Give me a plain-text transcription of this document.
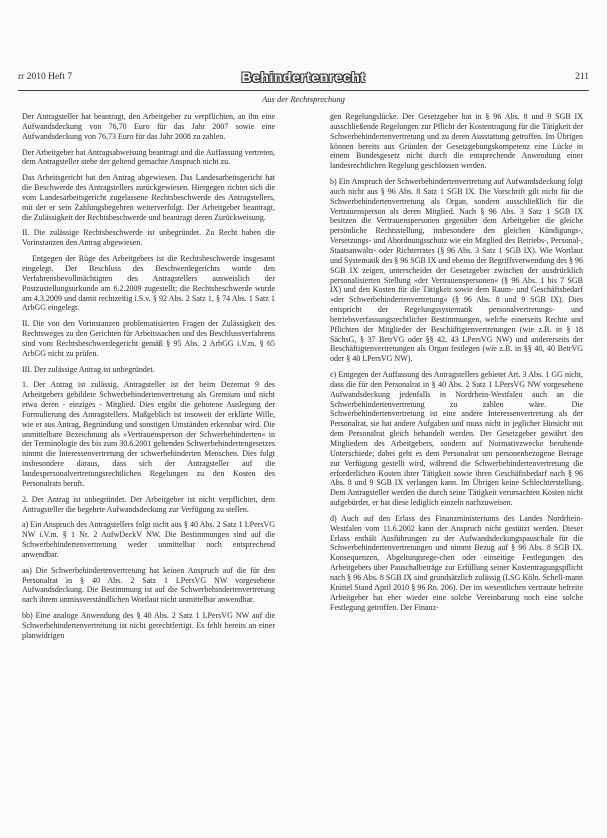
rr 2010 Heft 7	Behindertenrecht	211
Aus der Rechtsprechung

Der Antragsteller hat beantragt, den Arbeitgeber zu verpflichten, an ihn eine Aufwandsdeckung von 76,70 Euro für das Jahr 2007 sowie eine Aufwandsdeckung von 76,73 Euro für das Jahr 2008 zu zahlen.

Der Arbeitgeber hat Antragsabweisung beantragt und die Auffassung vertreten, dem Antragsteller stehe der geltend gemachte Anspruch nicht zu.

Das Arbeitsgericht hat den Antrag abgewiesen. Das Landesarbeitsgericht hat die Beschwerde des Antragstellers zurückgewiesen. Hiergegen richtet sich die vom Landesarbeitsgericht zugelassene Rechtsbeschwerde des Antragstellers, mit der er sein Zahlungsbegehren weiterverfolgt. Der Arbeitgeber beantragt, die Zulässigkeit der Rechtsbeschwerde und beantragt deren Zurückweisung.

II. Die zulässige Rechtsbeschwerde ist unbegründet. Zu Recht haben die Vorinstanzen den Antrag abgewiesen.

Entgegen der Rüge des Arbeitgebers ist die Rechtsbeschwerde insgesamt eingelegt. Der Beschluss des Beschwerdegerichts wurde den Verfahrensbevollmächtigten des Antragstellers ausweislich der Postzustellungsurkunde am 6.2.2009 zugestellt; die Rechtsbeschwerde wurde am 4.3.2009 und damit rechtzeitig i.S.v. § 92 Abs. 2 Satz 1, § 74 Abs. 1 Satz 1 ArbGG eingelegt.

II. Die von den Vorinstanzen problematisierten Fragen der Zulässigkeit des Rechtsweges zu den Gerichten für Arbeitssachen und des Beschlussverfahrens sind vom Rechtsbeschwerdegericht gemäß § 95 Abs. 2 ArbGG i.V.m. § 65 ArbGG nicht zu prüfen.

III. Der zulässige Antrag ist unbegründet.

1. Der Antrag ist zulässig. Antragsteller ist der beim Dezernat 9 des Arbeitgebers gebildete Schwerbehindertenvertretung als Gremium und nicht etwa deren - einziges - Mitglied. Dies ergibt die gebotene Auslegung der Formulierung des Antragstellers. Maßgeblich ist insoweit der erklärte Wille, wie er aus Antrag, Begründung und sonstigen Umständen erkennbar wird. Die unmittelbare Bezeichnung als »Vertrauensperson der Schwerbehinderten« in der Terminologie des bis zum 30.6.2001 geltenden Schwerbehindertengesetzes nimmt die Interessenvertretung der schwerbehinderten Menschen. Dies folgt insbesondere daraus, dass sich der Antragsteller auf die landespersonalvertretungsrechtlichen Regelungen zu den Kosten des Personalrats beruft.

2. Der Antrag ist unbegründet. Der Arbeitgeber ist nicht verpflichtet, dem Antragsteller die begehrte Aufwandsdeckung zur Verfügung zu stellen.

a) Ein Anspruch des Antragstellers folgt nicht aus § 40 Abs. 2 Satz 1 LPersVG NW i.V.m. § 1 Nr. 2 AufwDeckV NW. Die Bestimmungen sind auf die Schwerbehindertenvertretung weder unmittelbar noch entsprechend anwendbar.

aa) Die Schwerbehindertenvertretung hat keinen Anspruch auf die für den Personalrat in § 40 Abs. 2 Satz 1 LPersVG NW vorgesehene Aufwandsdeckung. Die Bestimmung ist auf die Schwerbehindertenvertretung nach ihrem unmissverständlichen Wortlaut nicht unmittelbar anwendbar.

bb) Eine analoge Anwendung des § 40 Abs. 2 Satz 1 LPersVG NW auf die Schwerbehindertenvertretung ist nicht gerechtfertigt. Es fehlt bereits an einer planwidrigen

gen Regelungslücke. Der Gesetzgeber hat in § 96 Abs. 8 und 9 SGB IX ausschließende Regelungen zur Pflicht der Kostentragung für die Tätigkeit der Schwerbehindertenvertretung und zu deren Ausstattung getroffen. Im Übrigen können bereits aus Gründen der Gesetzgebungskompetenz eine Lücke in einem Bundesgesetz nicht durch die entsprechende Anwendung einer landesrechtlichen Regelung geschlossen werden.

b) Ein Anspruch der Schwerbehindertenvertretung auf Aufwandsdeckung folgt auch nicht aus § 96 Abs. 8 Satz 1 SGB IX. Die Vorschrift gilt nicht für die Schwerbehindertenvertretung als Organ, sondern ausschließlich für die Vertrauensperson als deren Mitglied. Nach § 96 Abs. 3 Satz 1 SGB IX besitzen die Vertrauenspersonen gegenüber dem Arbeitgeber die gleiche persönliche Rechtsstellung, insbesondere den gleichen Kündigungs-, Versetzungs- und Abordnungsschutz wie ein Mitglied des Betriebs-, Personal-, Staatsanwalts- oder Richterrates (§ 96 Abs. 3 Satz 1 SGB IX). Wie Wortlaut und Systematik des § 96 SGB IX und ebenso der Begriffsverwendung des § 96 SGB IX zeigen, unterscheidet der Gesetzgeber zwischen der ausdrücklich personalisierten Stellung »der Vertrauenspersonen« (§ 96 Abs. 1 bis 7 SGB IX) und den Kosten für die Tätigkeit sowie dem Raum- und Geschäftsbedarf »der Schwerbehindertenvertretung« (§ 96 Abs. 8 und 9 SGB IX). Dies entspricht der Regelungssystematik personalvertretungs- und betriebsverfassungsrechtlicher Bestimmungen, welche einerseits Rechte und Pflichten der Mitglieder der Beschäftigtenvertretungen (wie z.B. in § 18 SächsG, § 37 BetrVG oder §§ 42, 43 LPersVG NW) und andererseits der Beschäftigtenvertretungen als Organ festlegen (wie z.B. in §§ 40, 40 BetrVG oder § 40 LPersVG NW).

c) Entgegen der Auffassung des Antragstellers gebietet Art. 3 Abs. 1 GG nicht, dass die für den Personalrat in § 40 Abs. 2 Satz 1 LPersVG NW vorgesehene Aufwandsdeckung jedenfalls in Nordrhein-Westfalen auch an die Schwerbehindertenvertretung zu zahlen wäre. Die Schwerbehindertenvertretung ist eine andere Interessenvertretung als der Personalrat, sie hat andere Aufgaben und muss nicht in jeglicher Hinsicht mit dem Personalrat gleich behandelt werden. Der Gesetzgeber gewährt den Mitgliedern des Arbeitgebers, sondern auf Normativzwecke beruhende Unterschiede; dabei geht es dem Personalrat um personenbezogene Betrage zur Verfügung gestellt wird, während die Schwerbehindertenvertretung die erforderlichen Kosten ihrer Tätigkeit sowie ihren Geschäftsbedarf nach § 96 Abs. 8 und 9 SGB IX verlangen kann. Im Übrigen keine Schlechterstellung. Dem Antragsteller werden die durch seine Tätigkeit verursachten Kosten nicht aufgebürdet, er hat diese lediglich einzeln nachzuweisen.

d) Auch auf den Erlass des Finanzministeriums des Landes Nordrhein-Westfalen vom 11.6.2002 kann der Anspruch nicht gestützt werden. Dieser Erlass enthält Ausführungen zu der Aufwandsdeckungspauschale für die Schwerbehindertenvertretungen und nimmt Bezug auf § 96 Abs. 8 SGB IX. Konsequenzen, Abgeltungsrege-chen oder einseitige Festlegungen des Arbeitgebers über Pauschalbeträge zur Erfüllung seiner Kostentragungspflicht nach § 96 Abs. 8 SGB IX sind grundsätzlich zulässig (LSG Köln. Schell-mann Knittel Stand April 2010 § 96 Rn. 206). Der im wesentlichen vertraute befreite Arbeitgeber hat eher wieder eine solche Vereinbarung noch eine solche Festlegung getroffen. Der Finanz-
